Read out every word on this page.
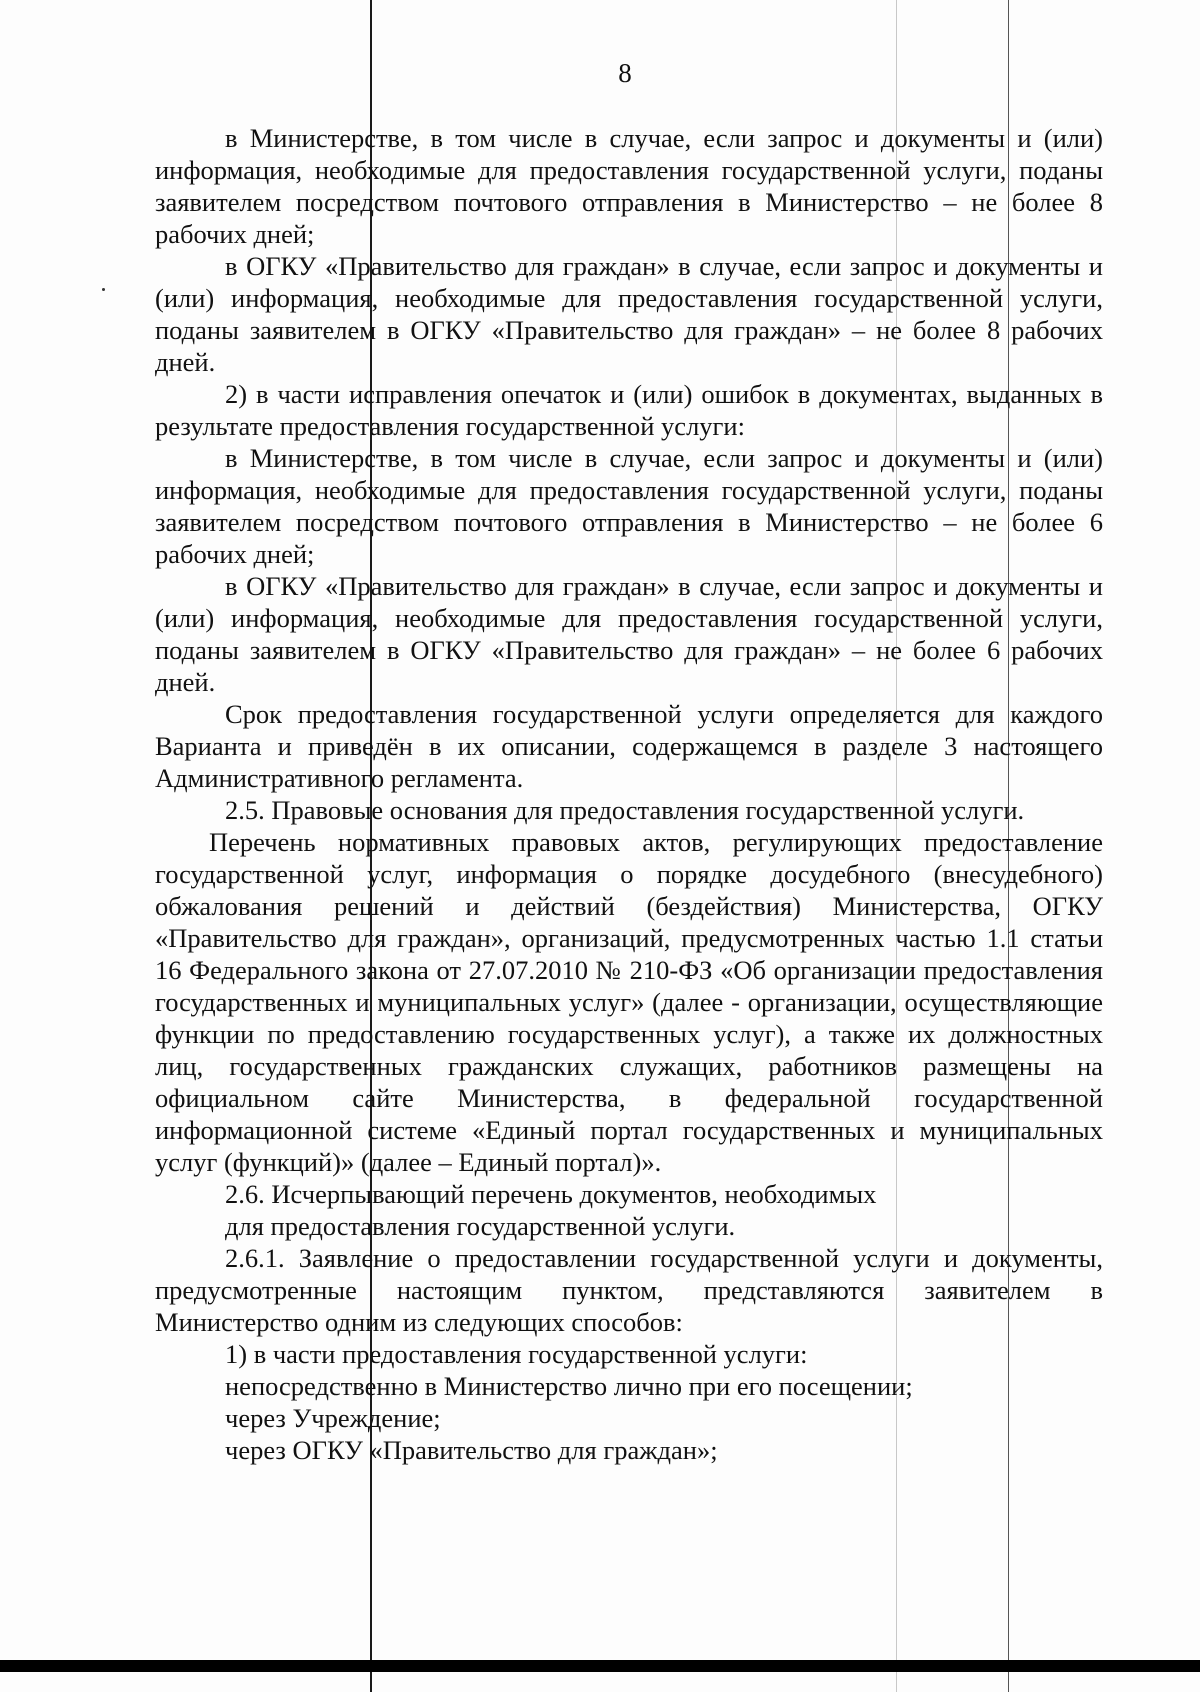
8

в Министерстве, в том числе в случае, если запрос и документы и (или) информация, необходимые для предоставления государственной услуги, поданы заявителем посредством почтового отправления в Министерство – не более 8 рабочих дней;

в ОГКУ «Правительство для граждан» в случае, если запрос и документы и (или) информация, необходимые для предоставления государственной услуги, поданы заявителем в ОГКУ «Правительство для граждан» – не более 8 рабочих дней.

2) в части исправления опечаток и (или) ошибок в документах, выданных в результате предоставления государственной услуги:

в Министерстве, в том числе в случае, если запрос и документы и (или) информация, необходимые для предоставления государственной услуги, поданы заявителем посредством почтового отправления в Министерство – не более 6 рабочих дней;

в ОГКУ «Правительство для граждан» в случае, если запрос и документы и (или) информация, необходимые для предоставления государственной услуги, поданы заявителем в ОГКУ «Правительство для граждан» – не более 6 рабочих дней.

Срок предоставления государственной услуги определяется для каждого Варианта и приведён в их описании, содержащемся в разделе 3 настоящего Административного регламента.

2.5. Правовые основания для предоставления государственной услуги.

Перечень нормативных правовых актов, регулирующих предоставление государственной услуг, информация о порядке досудебного (внесудебного) обжалования решений и действий (бездействия) Министерства, ОГКУ «Правительство для граждан», организаций, предусмотренных частью 1.1 статьи 16 Федерального закона от 27.07.2010 № 210-ФЗ «Об организации предоставления государственных и муниципальных услуг» (далее - организации, осуществляющие функции по предоставлению государственных услуг), а также их должностных лиц, государственных гражданских служащих, работников размещены на официальном сайте Министерства, в федеральной государственной информационной системе «Единый портал государственных и муниципальных услуг (функций)» (далее – Единый портал)».

2.6. Исчерпывающий перечень документов, необходимых

для предоставления государственной услуги.

2.6.1. Заявление о предоставлении государственной услуги и документы, предусмотренные настоящим пунктом, представляются заявителем в Министерство одним из следующих способов:

1) в части предоставления государственной услуги:

непосредственно в Министерство лично при его посещении;

через Учреждение;

через ОГКУ «Правительство для граждан»;
